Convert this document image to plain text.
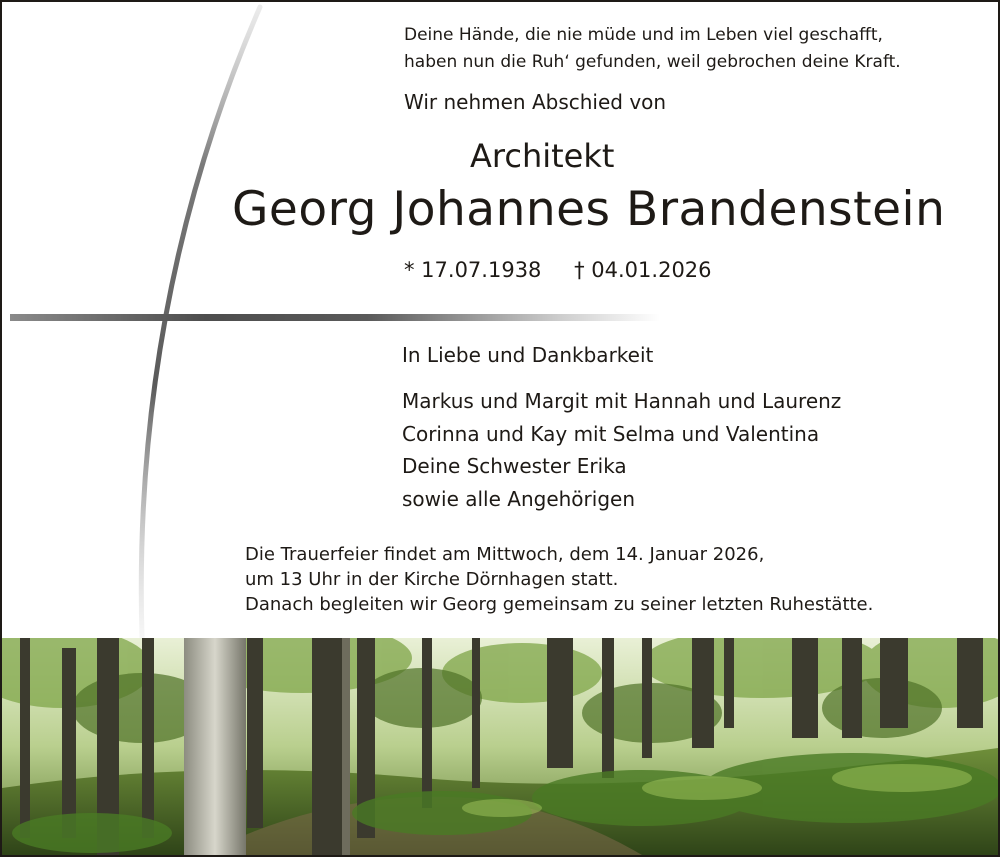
Deine Hände, die nie müde und im Leben viel geschafft,
haben nun die Ruh‘ gefunden, weil gebrochen deine Kraft.

Wir nehmen Abschied von

Architekt
Georg Johannes Brandenstein

* 17.07.1938 † 04.01.2026

In Liebe und Dankbarkeit

Markus und Margit mit Hannah und Laurenz
Corinna und Kay mit Selma und Valentina
Deine Schwester Erika
sowie alle Angehörigen

Die Trauerfeier findet am Mittwoch, dem 14. Januar 2026,
um 13 Uhr in der Kirche Dörnhagen statt.
Danach begleiten wir Georg gemeinsam zu seiner letzten Ruhestätte.
